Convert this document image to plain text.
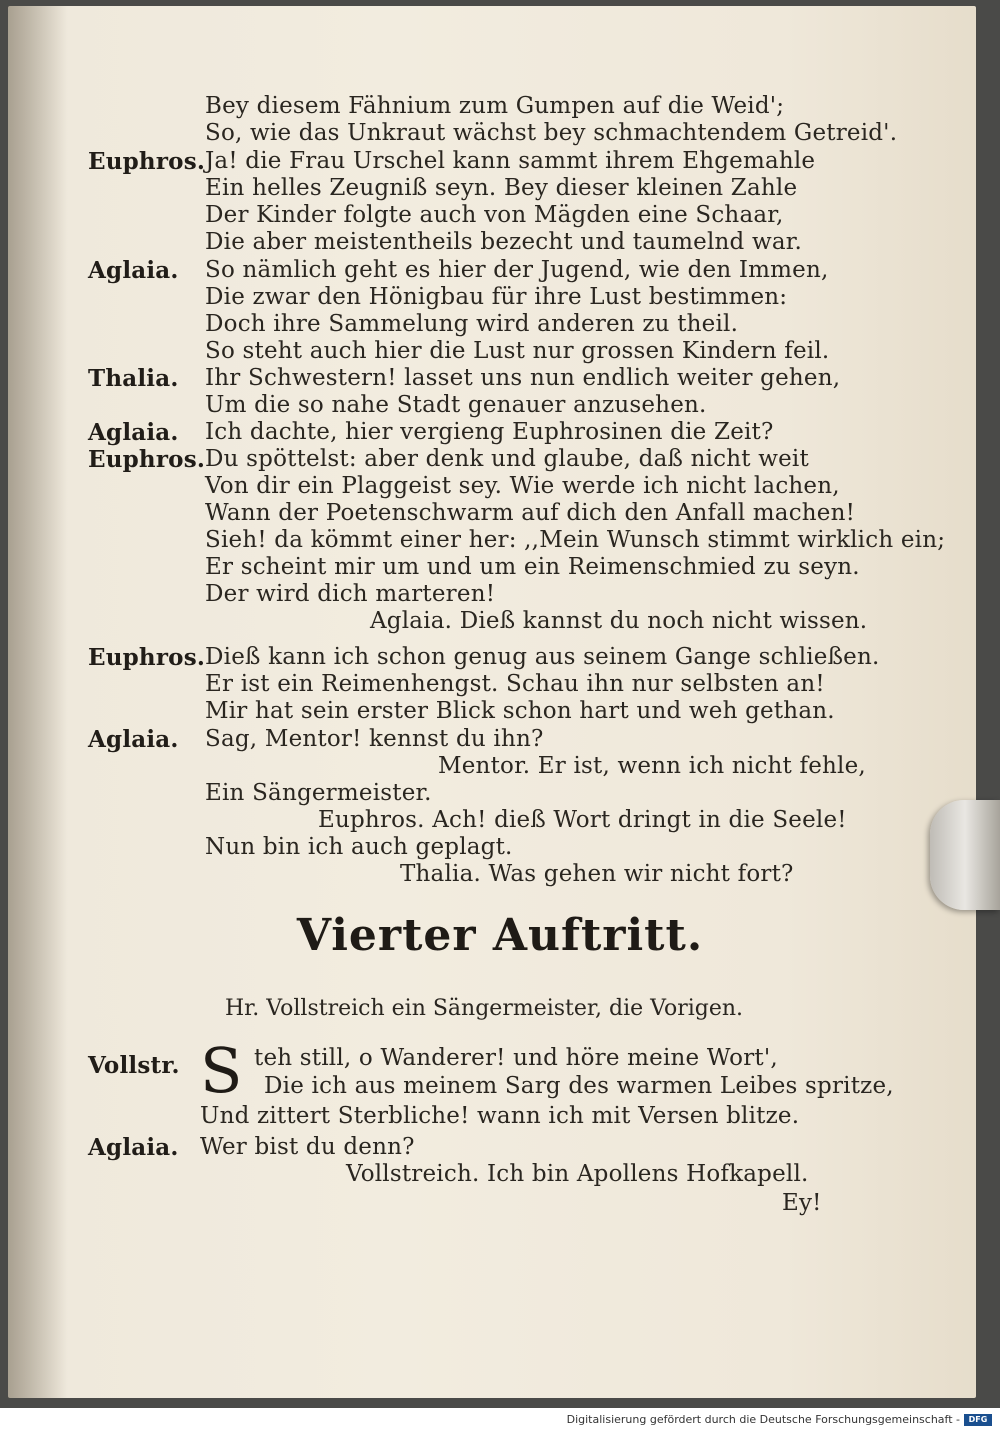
Euphros.
Aglaia.
Thalia.
Aglaia.
Euphros.
Euphros.
Aglaia.
Bey diesem Fähnium zum Gumpen auf die Weid';
So, wie das Unkraut wächst bey schmachtendem Getreid'.
Ja! die Frau Urschel kann sammt ihrem Ehgemahle
Ein helles Zeugniß seyn. Bey dieser kleinen Zahle
Der Kinder folgte auch von Mägden eine Schaar,
Die aber meistentheils bezecht und taumelnd war.
So nämlich geht es hier der Jugend, wie den Immen,
Die zwar den Hönigbau für ihre Lust bestimmen:
Doch ihre Sammelung wird anderen zu theil.
So steht auch hier die Lust nur grossen Kindern feil.
Ihr Schwestern! lasset uns nun endlich weiter gehen,
Um die so nahe Stadt genauer anzusehen.
Ich dachte, hier vergieng Euphrosinen die Zeit?
Du spöttelst: aber denk und glaube, daß nicht weit
Von dir ein Plaggeist sey. Wie werde ich nicht lachen,
Wann der Poetenschwarm auf dich den Anfall machen!
Sieh! da kömmt einer her: ,,Mein Wunsch stimmt wirklich ein;
Er scheint mir um und um ein Reimenschmied zu seyn.
Der wird dich marteren!
Aglaia. Dieß kannst du noch nicht wissen.
Dieß kann ich schon genug aus seinem Gange schließen.
Er ist ein Reimenhengst. Schau ihn nur selbsten an!
Mir hat sein erster Blick schon hart und weh gethan.
Sag, Mentor! kennst du ihn?
Mentor. Er ist, wenn ich nicht fehle,
Ein Sängermeister.
Euphros. Ach! dieß Wort dringt in die Seele!
Nun bin ich auch geplagt.
Thalia. Was gehen wir nicht fort?
Vierter Auftritt.
Hr. Vollstreich ein Sängermeister, die Vorigen.
Vollstr. S teh still, o Wanderer! und höre meine Wort',
Die ich aus meinem Sarg des warmen Leibes spritze,
Und zittert Sterbliche! wann ich mit Versen blitze.
Aglaia. Wer bist du denn?
Vollstreich. Ich bin Apollens Hofkapell.
Ey!
Digitalisierung gefördert durch die Deutsche Forschungsgemeinschaft -	DFG
